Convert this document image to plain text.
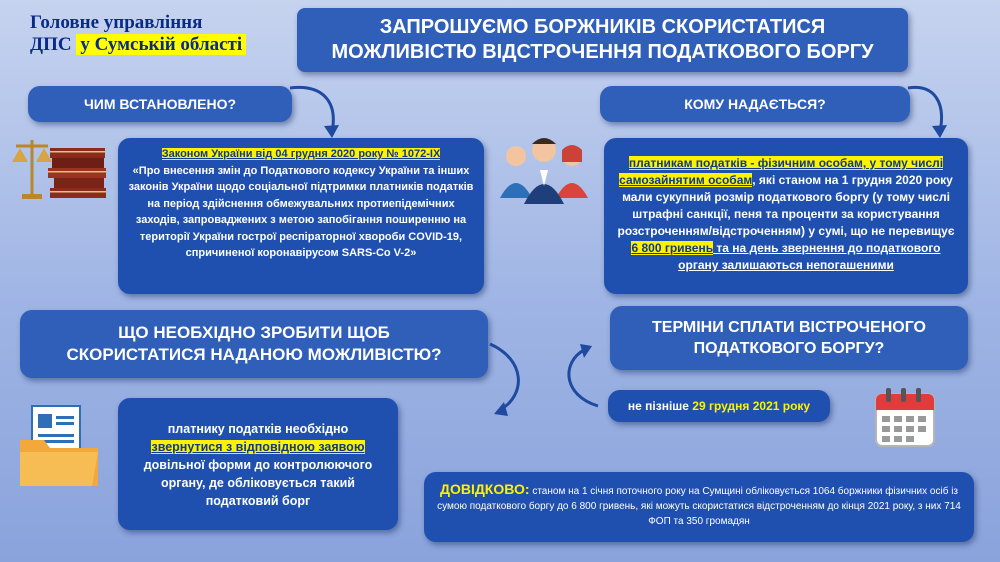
Головне управління
ДПС у Сумській області
ЗАПРОШУЄМО БОРЖНИКІВ СКОРИСТАТИСЯ
МОЖЛИВІСТЮ ВІДСТРОЧЕННЯ ПОДАТКОВОГО БОРГУ
ЧИМ ВСТАНОВЛЕНО?	КОМУ НАДАЄТЬСЯ?
ЩО НЕОБХІДНО ЗРОБИТИ ЩОБ СКОРИСТАТИСЯ НАДАНОЮ МОЖЛИВІСТЮ?
ТЕРМІНИ СПЛАТИ ВІСТРОЧЕНОГО ПОДАТКОВОГО БОРГУ?
Законом України від 04 грудня 2020 року № 1072-IX
«Про внесення змін до Податкового кодексу України та інших законів України щодо соціальної підтримки платників податків на період здійснення обмежувальних протиепідемічних заходів, запроваджених з метою запобігання поширенню на території України гострої респіраторної хвороби COVID-19, спричиненої коронавірусом SARS-Co V-2»
платникам податків - фізичним особам, у тому числі самозайнятим особам, які станом на 1 грудня 2020 року мали сукупний розмір податкового боргу (у тому числі штрафні санкції, пеня та проценти за користування розстроченням/відстроченням) у сумі, що не перевищує 6 800 гривень та на день звернення до податкового органу залишаються непогашеними
платнику податків необхідно
звернутися з відповідною заявою
довільної форми до контролюючого органу, де обліковується такий податковий борг
не пізніше 29 грудня 2021 року
ДОВІДКОВО: станом на 1 січня поточного року на Сумщині обліковується 1064 боржники фізичних осіб із сумою податкового боргу до 6 800 гривень, які можуть скористатися відстроченням до кінця 2021 року, з них 714 ФОП та 350 громадян
